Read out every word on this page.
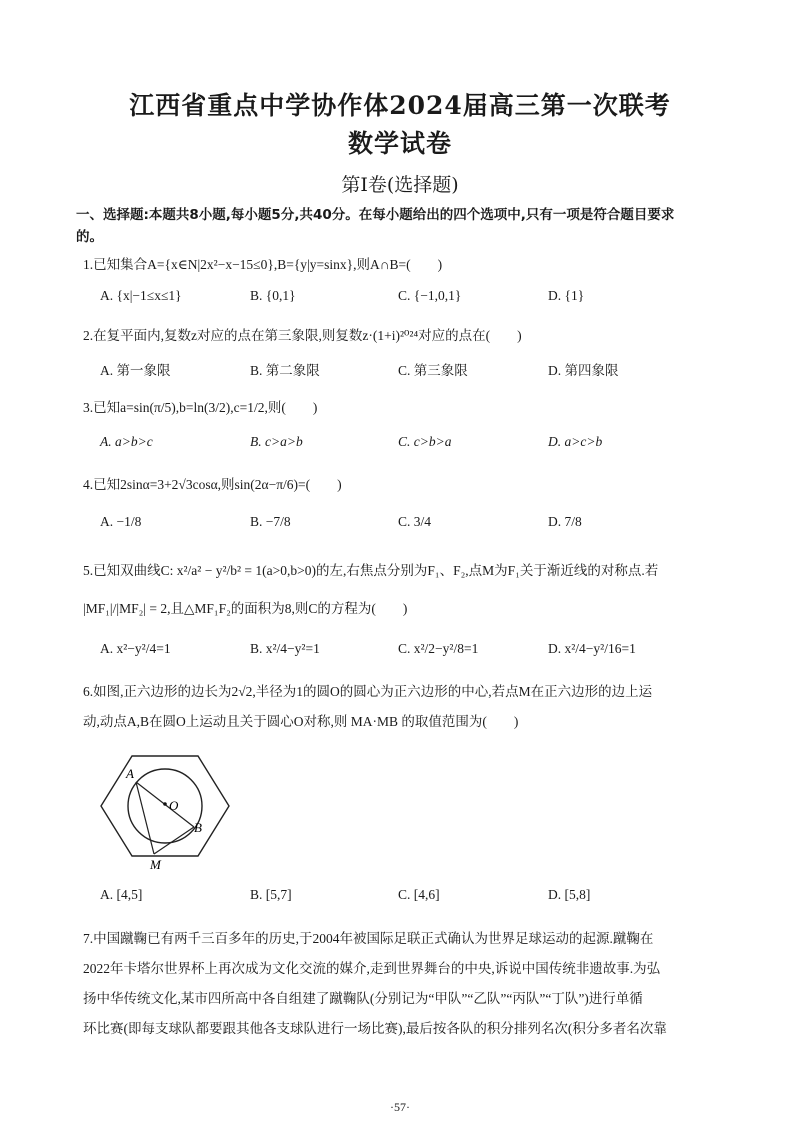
江西省重点中学协作体2024届高三第一次联考
数学试卷
第Ⅰ卷(选择题)
一、选择题:本题共8小题,每小题5分,共40分。在每小题给出的四个选项中,只有一项是符合题目要求
的。
1.已知集合A={x∈N|2x²−x−15≤0},B={y|y=sinx},则A∩B=(　　)
A. {x|−1≤x≤1}	B. {0,1}	C. {−1,0,1}	D. {1}
2.在复平面内,复数z对应的点在第三象限,则复数z·(1+i)²⁰²⁴对应的点在(　　)
A. 第一象限	B. 第二象限	C. 第三象限	D. 第四象限
3.已知a=sin(π/5),b=ln(3/2),c=1/2,则(　　)
A. a>b>c	B. c>a>b	C. c>b>a	D. a>c>b
4.已知2sinα=3+2√3cosα,则sin(2α−π/6)=(　　)
A. −1/8	B. −7/8	C. 3/4	D. 7/8
5.已知双曲线C: x²/a² − y²/b² = 1(a>0,b>0)的左,右焦点分别为F₁、F₂,点M为F₁关于渐近线的对称点.若
|MF₁|/|MF₂| = 2,且△MF₁F₂的面积为8,则C的方程为(　　)
A. x²−y²/4=1	B. x²/4−y²=1	C. x²/2−y²/8=1	D. x²/4−y²/16=1
6.如图,正六边形的边长为2√2,半径为1的圆O的圆心为正六边形的中心,若点M在正六边形的边上运
动,动点A,B在圆O上运动且关于圆心O对称,则 MA·MB 的取值范围为(　　)
A
O
B
M
A. [4,5]	B. [5,7]	C. [4,6]	D. [5,8]
7.中国蹴鞠已有两千三百多年的历史,于2004年被国际足联正式确认为世界足球运动的起源.蹴鞠在
2022年卡塔尔世界杯上再次成为文化交流的媒介,走到世界舞台的中央,诉说中国传统非遗故事.为弘
扬中华传统文化,某市四所高中各自组建了蹴鞠队(分别记为“甲队”“乙队”“丙队”“丁队”)进行单循
环比赛(即每支球队都要跟其他各支球队进行一场比赛),最后按各队的积分排列名次(积分多者名次靠
·57·
